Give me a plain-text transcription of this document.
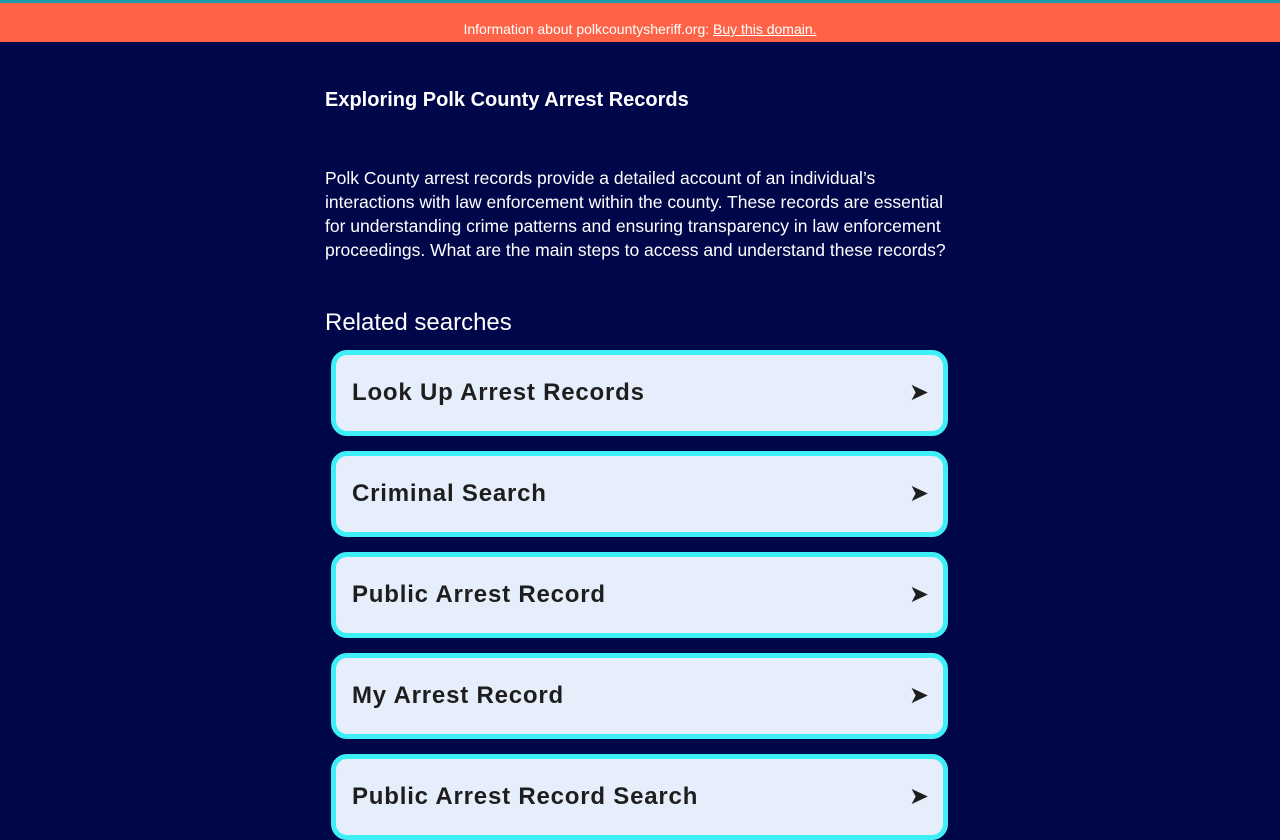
Information about polkcountysheriff.org: Buy this domain.
Exploring Polk County Arrest Records

Polk County arrest records provide a detailed account of an individual’s interactions with law enforcement within the county. These records are essential for understanding crime patterns and ensuring transparency in law enforcement proceedings. What are the main steps to access and understand these records?

Related searches
Look Up Arrest Records	➤
Criminal Search	➤
Public Arrest Record	➤
My Arrest Record	➤
Public Arrest Record Search	➤
